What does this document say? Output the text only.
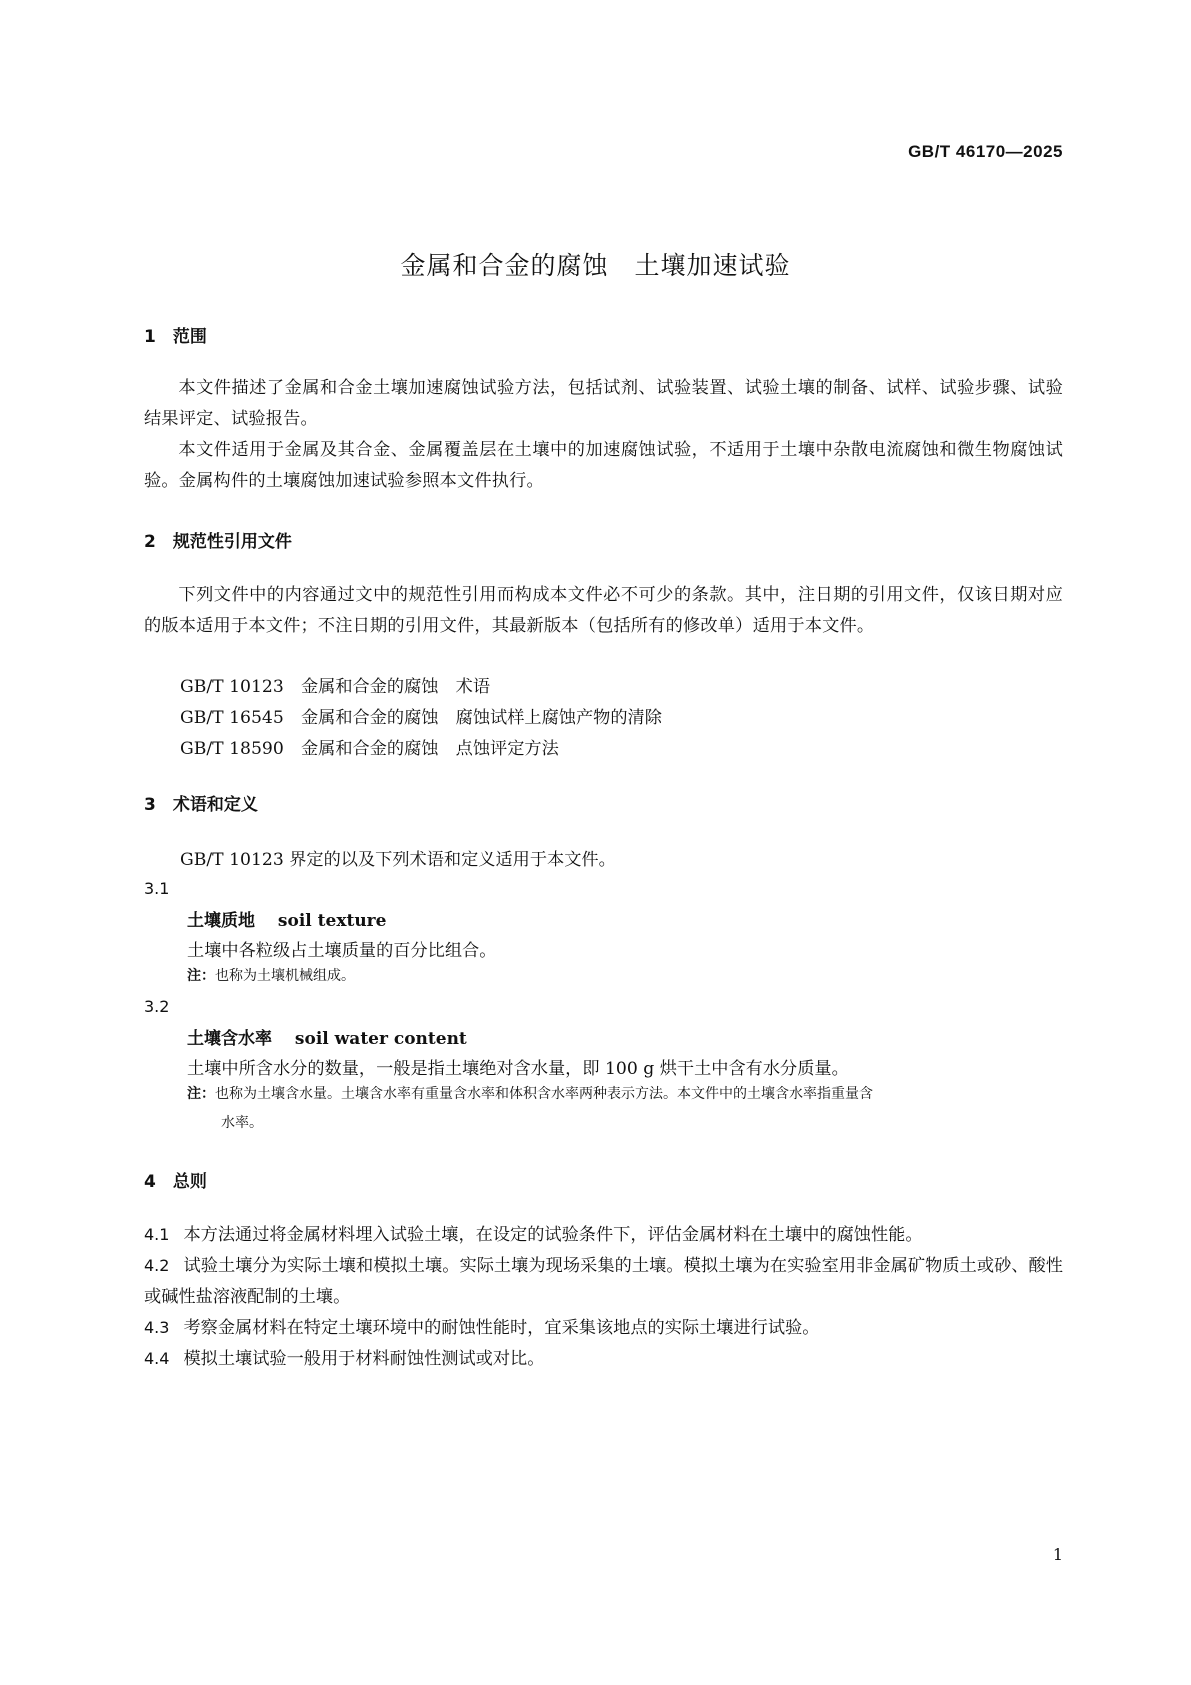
GB/T 46170—2025
金属和合金的腐蚀　土壤加速试验
1　范围
本文件描述了金属和合金土壤加速腐蚀试验方法，包括试剂、试验装置、试验土壤的制备、试样、试验步骤、试验结果评定、试验报告。
本文件适用于金属及其合金、金属覆盖层在土壤中的加速腐蚀试验，不适用于土壤中杂散电流腐蚀和微生物腐蚀试验。金属构件的土壤腐蚀加速试验参照本文件执行。
2　规范性引用文件
下列文件中的内容通过文中的规范性引用而构成本文件必不可少的条款。其中，注日期的引用文件，仅该日期对应的版本适用于本文件；不注日期的引用文件，其最新版本（包括所有的修改单）适用于本文件。
GB/T 10123　金属和合金的腐蚀　术语
GB/T 16545　金属和合金的腐蚀　腐蚀试样上腐蚀产物的清除
GB/T 18590　金属和合金的腐蚀　点蚀评定方法
3　术语和定义
GB/T 10123 界定的以及下列术语和定义适用于本文件。
3.1
土壤质地　 soil texture
土壤中各粒级占土壤质量的百分比组合。
注：也称为土壤机械组成。
3.2
土壤含水率　 soil water content
土壤中所含水分的数量，一般是指土壤绝对含水量，即 100 g 烘干土中含有水分质量。
注：也称为土壤含水量。土壤含水率有重量含水率和体积含水率两种表示方法。本文件中的土壤含水率指重量含
水率。
4　总则
4.1 本方法通过将金属材料埋入试验土壤，在设定的试验条件下，评估金属材料在土壤中的腐蚀性能。
4.2 试验土壤分为实际土壤和模拟土壤。实际土壤为现场采集的土壤。模拟土壤为在实验室用非金属矿物质土或砂、酸性或碱性盐溶液配制的土壤。
4.3 考察金属材料在特定土壤环境中的耐蚀性能时，宜采集该地点的实际土壤进行试验。
4.4 模拟土壤试验一般用于材料耐蚀性测试或对比。
1
